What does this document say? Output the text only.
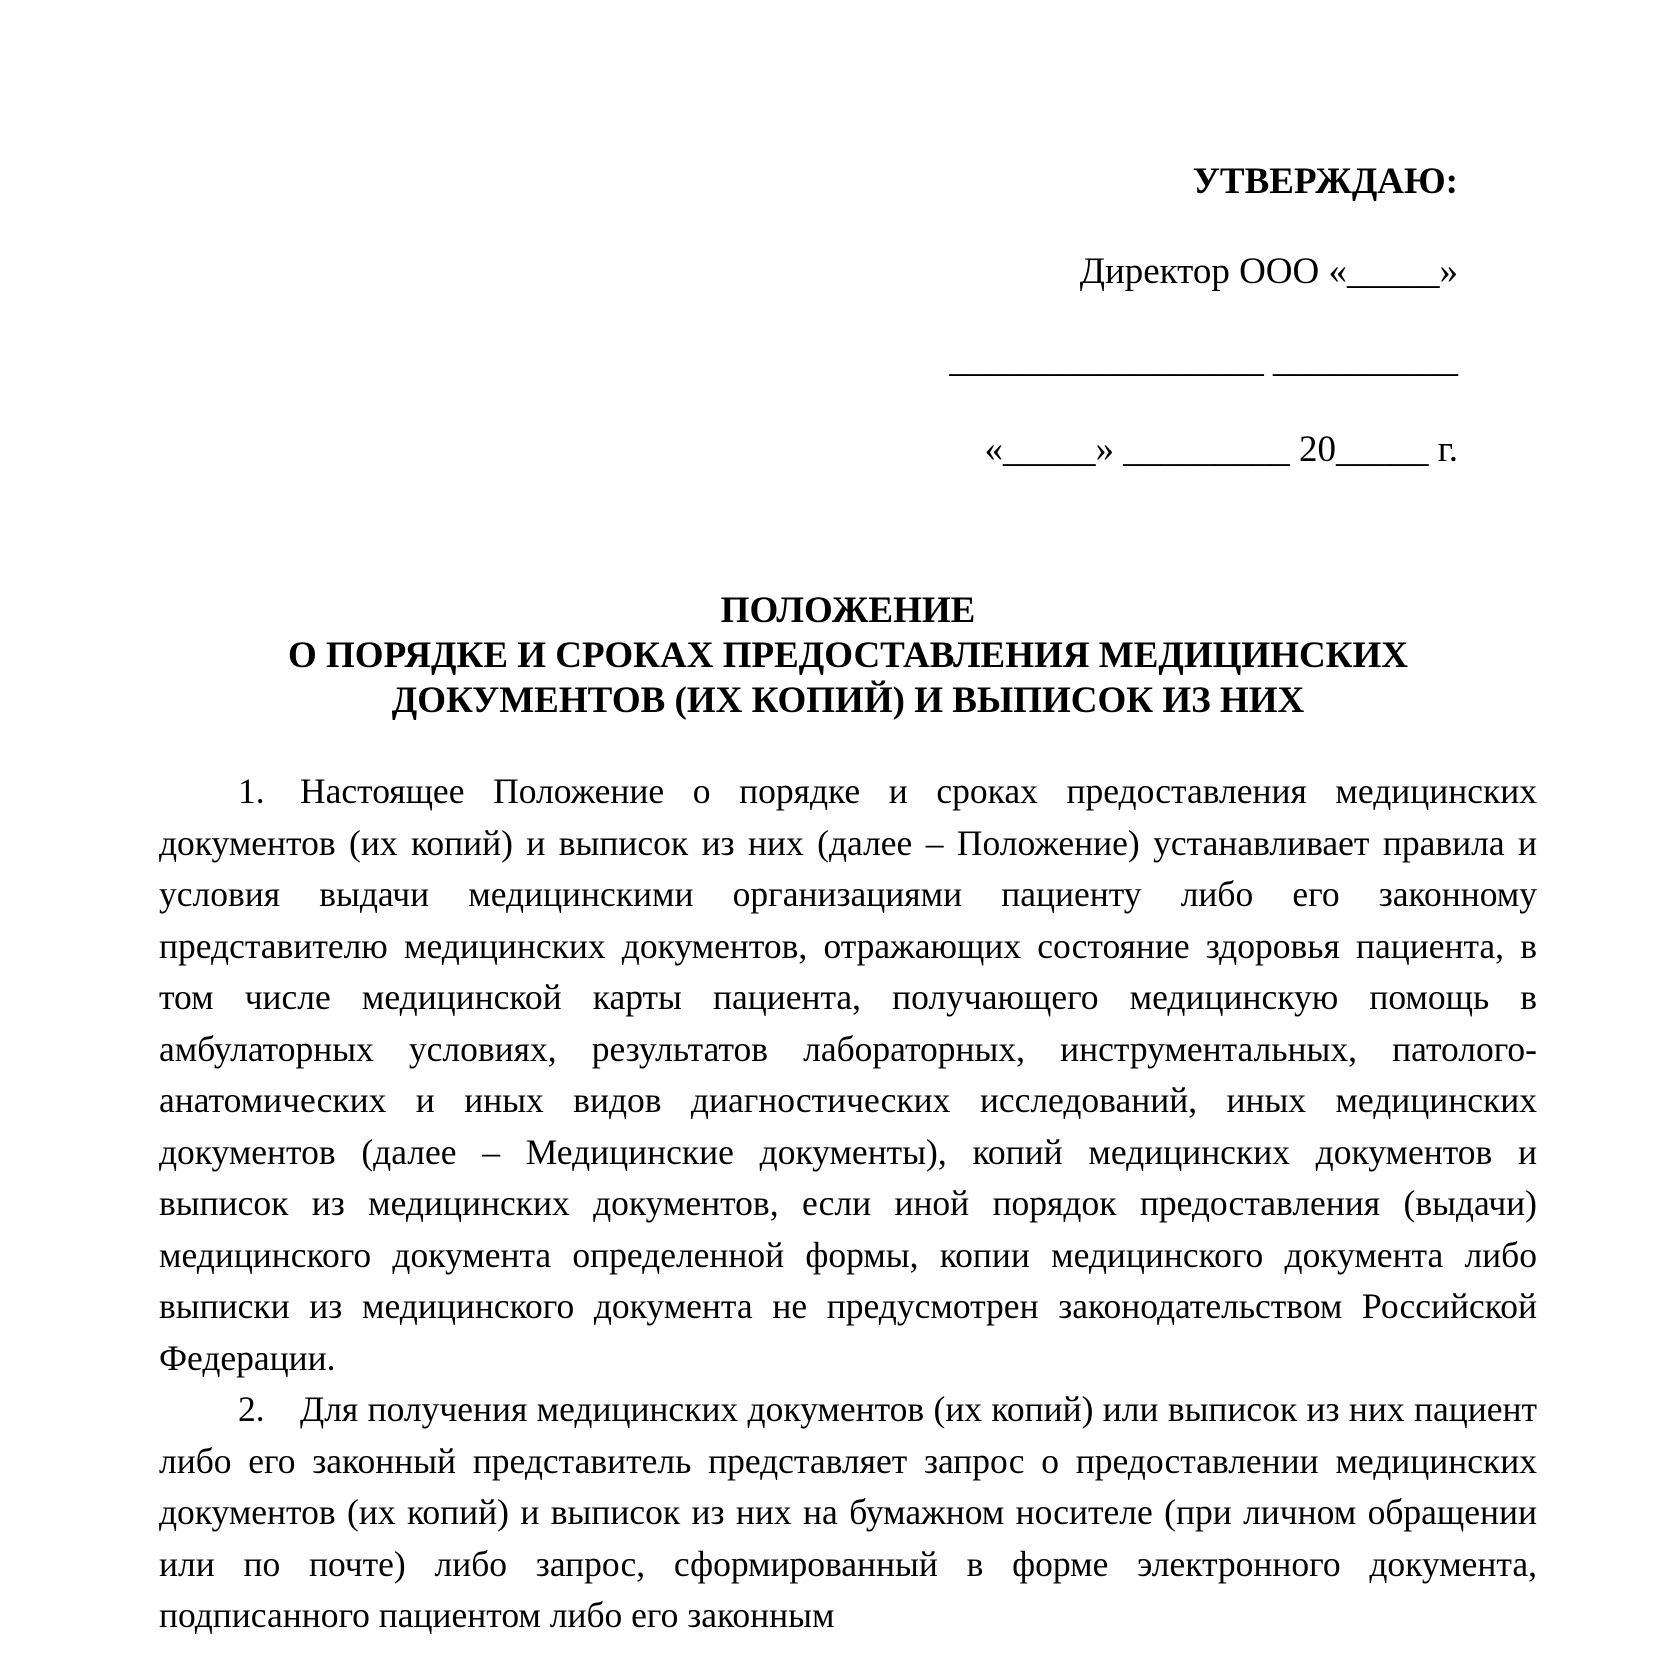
УТВЕРЖДАЮ:
Директор ООО «_____»
_________________ __________
«_____» _________ 20_____ г.
ПОЛОЖЕНИЕ
О ПОРЯДКЕ И СРОКАХ ПРЕДОСТАВЛЕНИЯ МЕДИЦИНСКИХ
ДОКУМЕНТОВ (ИХ КОПИЙ) И ВЫПИСОК ИЗ НИХ

1. Настоящее Положение о порядке и сроках предоставления медицинских документов (их копий) и выписок из них (далее – Положение) устанавливает правила и условия выдачи медицинскими организациями пациенту либо его законному представителю медицинских документов, отражающих состояние здоровья пациента, в том числе медицинской карты пациента, получающего медицинскую помощь в амбулаторных условиях, результатов лабораторных, инструментальных, патолого-анатомических и иных видов диагностических исследований, иных медицинских документов (далее – Медицинские документы), копий медицинских документов и выписок из медицинских документов, если иной порядок предоставления (выдачи) медицинского документа определенной формы, копии медицинского документа либо выписки из медицинского документа не предусмотрен законодательством Российской Федерации.

2. Для получения медицинских документов (их копий) или выписок из них пациент либо его законный представитель представляет запрос о предоставлении медицинских документов (их копий) и выписок из них на бумажном носителе (при личном обращении или по почте) либо запрос, сформированный в форме электронного документа, подписанного пациентом либо его законным
